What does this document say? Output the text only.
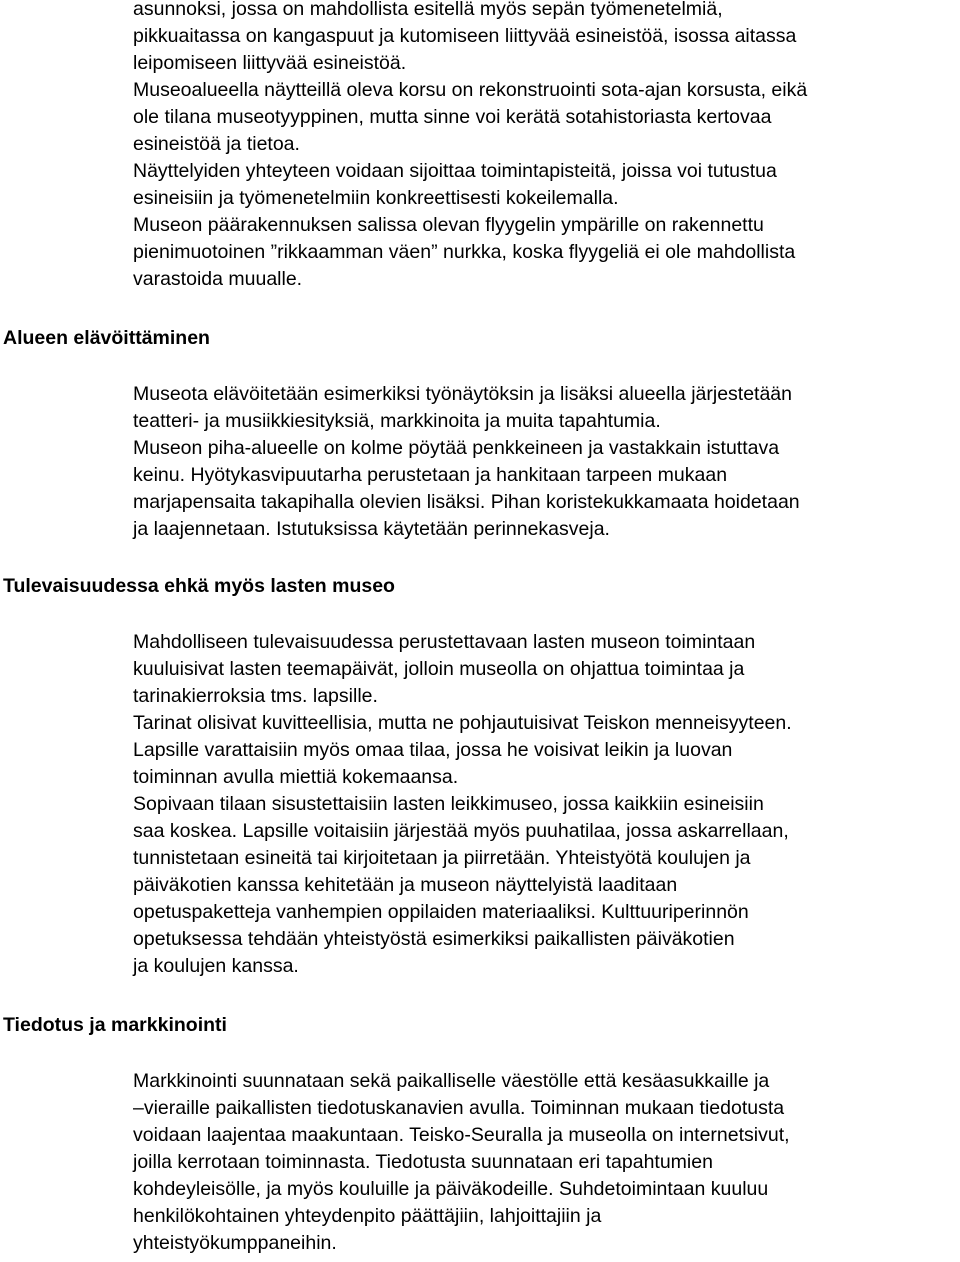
asunnoksi, jossa on mahdollista esitellä myös sepän työmenetelmiä,
pikkuaitassa on kangaspuut ja kutomiseen liittyvää esineistöä, isossa aitassa
leipomiseen liittyvää esineistöä.
Museoalueella näytteillä oleva korsu on rekonstruointi sota-ajan korsusta, eikä
ole tilana museotyyppinen, mutta sinne voi kerätä sotahistoriasta kertovaa
esineistöä ja tietoa.
Näyttelyiden yhteyteen voidaan sijoittaa toimintapisteitä, joissa voi tutustua
esineisiin ja työmenetelmiin konkreettisesti kokeilemalla.
Museon päärakennuksen salissa olevan flyygelin ympärille on rakennettu
pienimuotoinen ”rikkaamman väen” nurkka, koska flyygeliä ei ole mahdollista
varastoida muualle.
Alueen elävöittäminen
Museota elävöitetään esimerkiksi työnäytöksin ja lisäksi alueella järjestetään
teatteri- ja musiikkiesityksiä, markkinoita ja muita tapahtumia.
Museon piha-alueelle on kolme pöytää penkkeineen ja vastakkain istuttava
keinu. Hyötykasvipuutarha perustetaan ja hankitaan tarpeen mukaan
marjapensaita takapihalla olevien lisäksi. Pihan koristekukkamaata hoidetaan
ja laajennetaan. Istutuksissa käytetään perinnekasveja.
Tulevaisuudessa ehkä myös lasten museo
Mahdolliseen tulevaisuudessa perustettavaan lasten museon toimintaan
kuuluisivat lasten teemapäivät, jolloin museolla on ohjattua toimintaa ja
tarinakierroksia tms. lapsille.
Tarinat olisivat kuvitteellisia, mutta ne pohjautuisivat Teiskon menneisyyteen.
Lapsille varattaisiin myös omaa tilaa, jossa he voisivat leikin ja luovan
toiminnan avulla miettiä kokemaansa.
Sopivaan tilaan sisustettaisiin lasten leikkimuseo, jossa kaikkiin esineisiin
saa koskea. Lapsille voitaisiin järjestää myös puuhatilaa, jossa askarrellaan,
tunnistetaan esineitä tai kirjoitetaan ja piirretään. Yhteistyötä koulujen ja
päiväkotien kanssa kehitetään ja museon näyttelyistä laaditaan
opetuspaketteja vanhempien oppilaiden materiaaliksi. Kulttuuriperinnön
opetuksessa tehdään yhteistyöstä esimerkiksi paikallisten päiväkotien
ja koulujen kanssa.
Tiedotus ja markkinointi
Markkinointi suunnataan sekä paikalliselle väestölle että kesäasukkaille ja
–vieraille paikallisten tiedotuskanavien avulla. Toiminnan mukaan tiedotusta
voidaan laajentaa maakuntaan. Teisko-Seuralla ja museolla on internetsivut,
joilla kerrotaan toiminnasta. Tiedotusta suunnataan eri tapahtumien
kohdeyleisölle, ja myös kouluille ja päiväkodeille. Suhdetoimintaan kuuluu
henkilökohtainen yhteydenpito päättäjiin, lahjoittajiin ja
yhteistyökumppaneihin.
